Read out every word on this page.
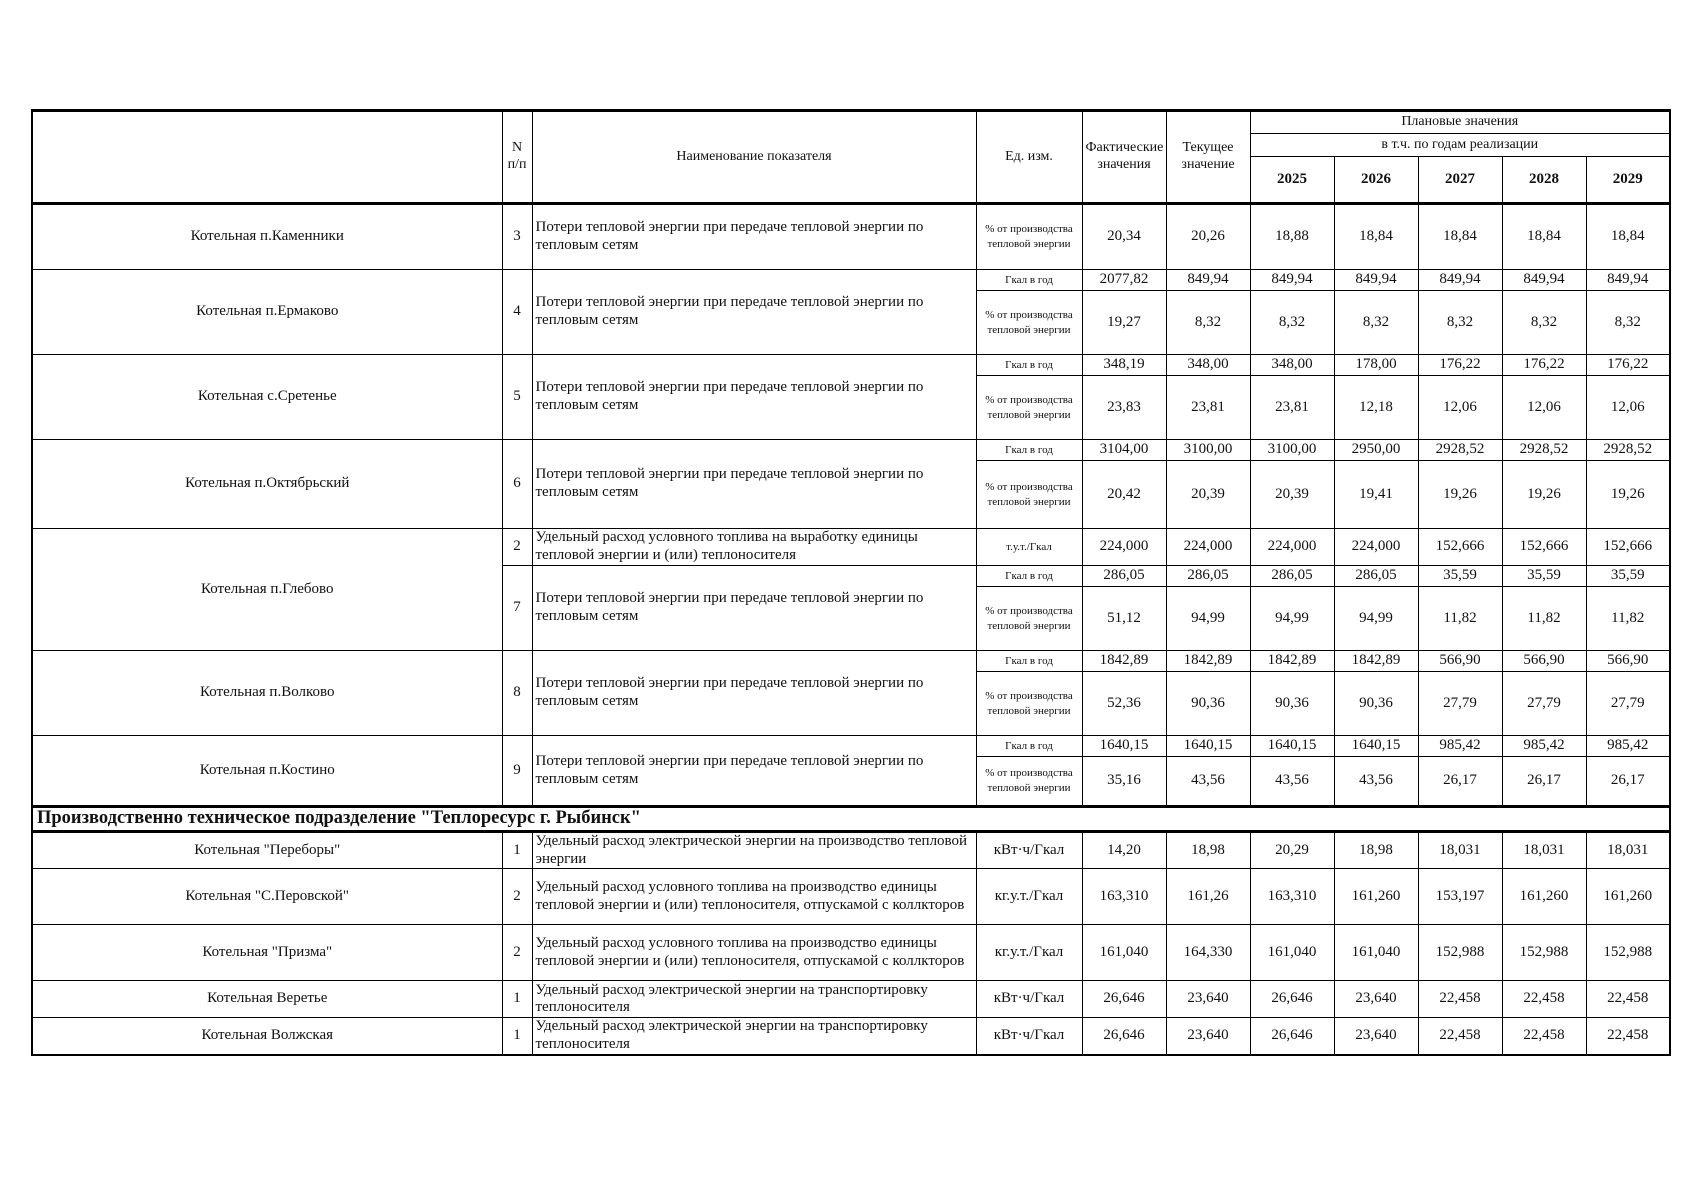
	N п/п	Наименование показателя	Ед. изм.	Фактические значения	Текущее значение	Плановые значения				
						в т.ч. по годам реализации				
						2025	2026	2027	2028	2029
Котельная п.Каменники	3	Потери тепловой энергии при передаче тепловой энергии по тепловым сетям	% от производства тепловой энергии	20,34	20,26	18,88	18,84	18,84	18,84	18,84
Котельная п.Ермаково	4	Потери тепловой энергии при передаче тепловой энергии по тепловым сетям	Гкал в год	2077,82	849,94	849,94	849,94	849,94	849,94	849,94
			% от производства тепловой энергии	19,27	8,32	8,32	8,32	8,32	8,32	8,32
Котельная с.Сретенье	5	Потери тепловой энергии при передаче тепловой энергии по тепловым сетям	Гкал в год	348,19	348,00	348,00	178,00	176,22	176,22	176,22
			% от производства тепловой энергии	23,83	23,81	23,81	12,18	12,06	12,06	12,06
Котельная п.Октябрьский	6	Потери тепловой энергии при передаче тепловой энергии по тепловым сетям	Гкал в год	3104,00	3100,00	3100,00	2950,00	2928,52	2928,52	2928,52
			% от производства тепловой энергии	20,42	20,39	20,39	19,41	19,26	19,26	19,26
Котельная п.Глебово	2	Удельный расход условного топлива на выработку единицы тепловой энергии и (или) теплоносителя	т.у.т./Гкал	224,000	224,000	224,000	224,000	152,666	152,666	152,666
	7	Потери тепловой энергии при передаче тепловой энергии по тепловым сетям	Гкал в год	286,05	286,05	286,05	286,05	35,59	35,59	35,59
			% от производства тепловой энергии	51,12	94,99	94,99	94,99	11,82	11,82	11,82
Котельная п.Волково	8	Потери тепловой энергии при передаче тепловой энергии по тепловым сетям	Гкал в год	1842,89	1842,89	1842,89	1842,89	566,90	566,90	566,90
			% от производства тепловой энергии	52,36	90,36	90,36	90,36	27,79	27,79	27,79
Котельная п.Костино	9	Потери тепловой энергии при передаче тепловой энергии по тепловым сетям	Гкал в год	1640,15	1640,15	1640,15	1640,15	985,42	985,42	985,42
			% от производства тепловой энергии	35,16	43,56	43,56	43,56	26,17	26,17	26,17
Производственно техническое подразделение "Теплоресурс г. Рыбинск"										
Котельная "Переборы"	1	Удельный расход электрической энергии на производство тепловой энергии	кВт·ч/Гкал	14,20	18,98	20,29	18,98	18,031	18,031	18,031
Котельная "С.Перовской"	2	Удельный расход условного топлива на производство единицы тепловой энергии и (или) теплоносителя, отпускамой с коллкторов	кг.у.т./Гкал	163,310	161,26	163,310	161,260	153,197	161,260	161,260
Котельная "Призма"	2	Удельный расход условного топлива на производство единицы тепловой энергии и (или) теплоносителя, отпускамой с коллкторов	кг.у.т./Гкал	161,040	164,330	161,040	161,040	152,988	152,988	152,988
Котельная Веретье	1	Удельный расход электрической энергии на транспортировку теплоносителя	кВт·ч/Гкал	26,646	23,640	26,646	23,640	22,458	22,458	22,458
Котельная Волжская	1	Удельный расход электрической энергии на транспортировку теплоносителя	кВт·ч/Гкал	26,646	23,640	26,646	23,640	22,458	22,458	22,458
